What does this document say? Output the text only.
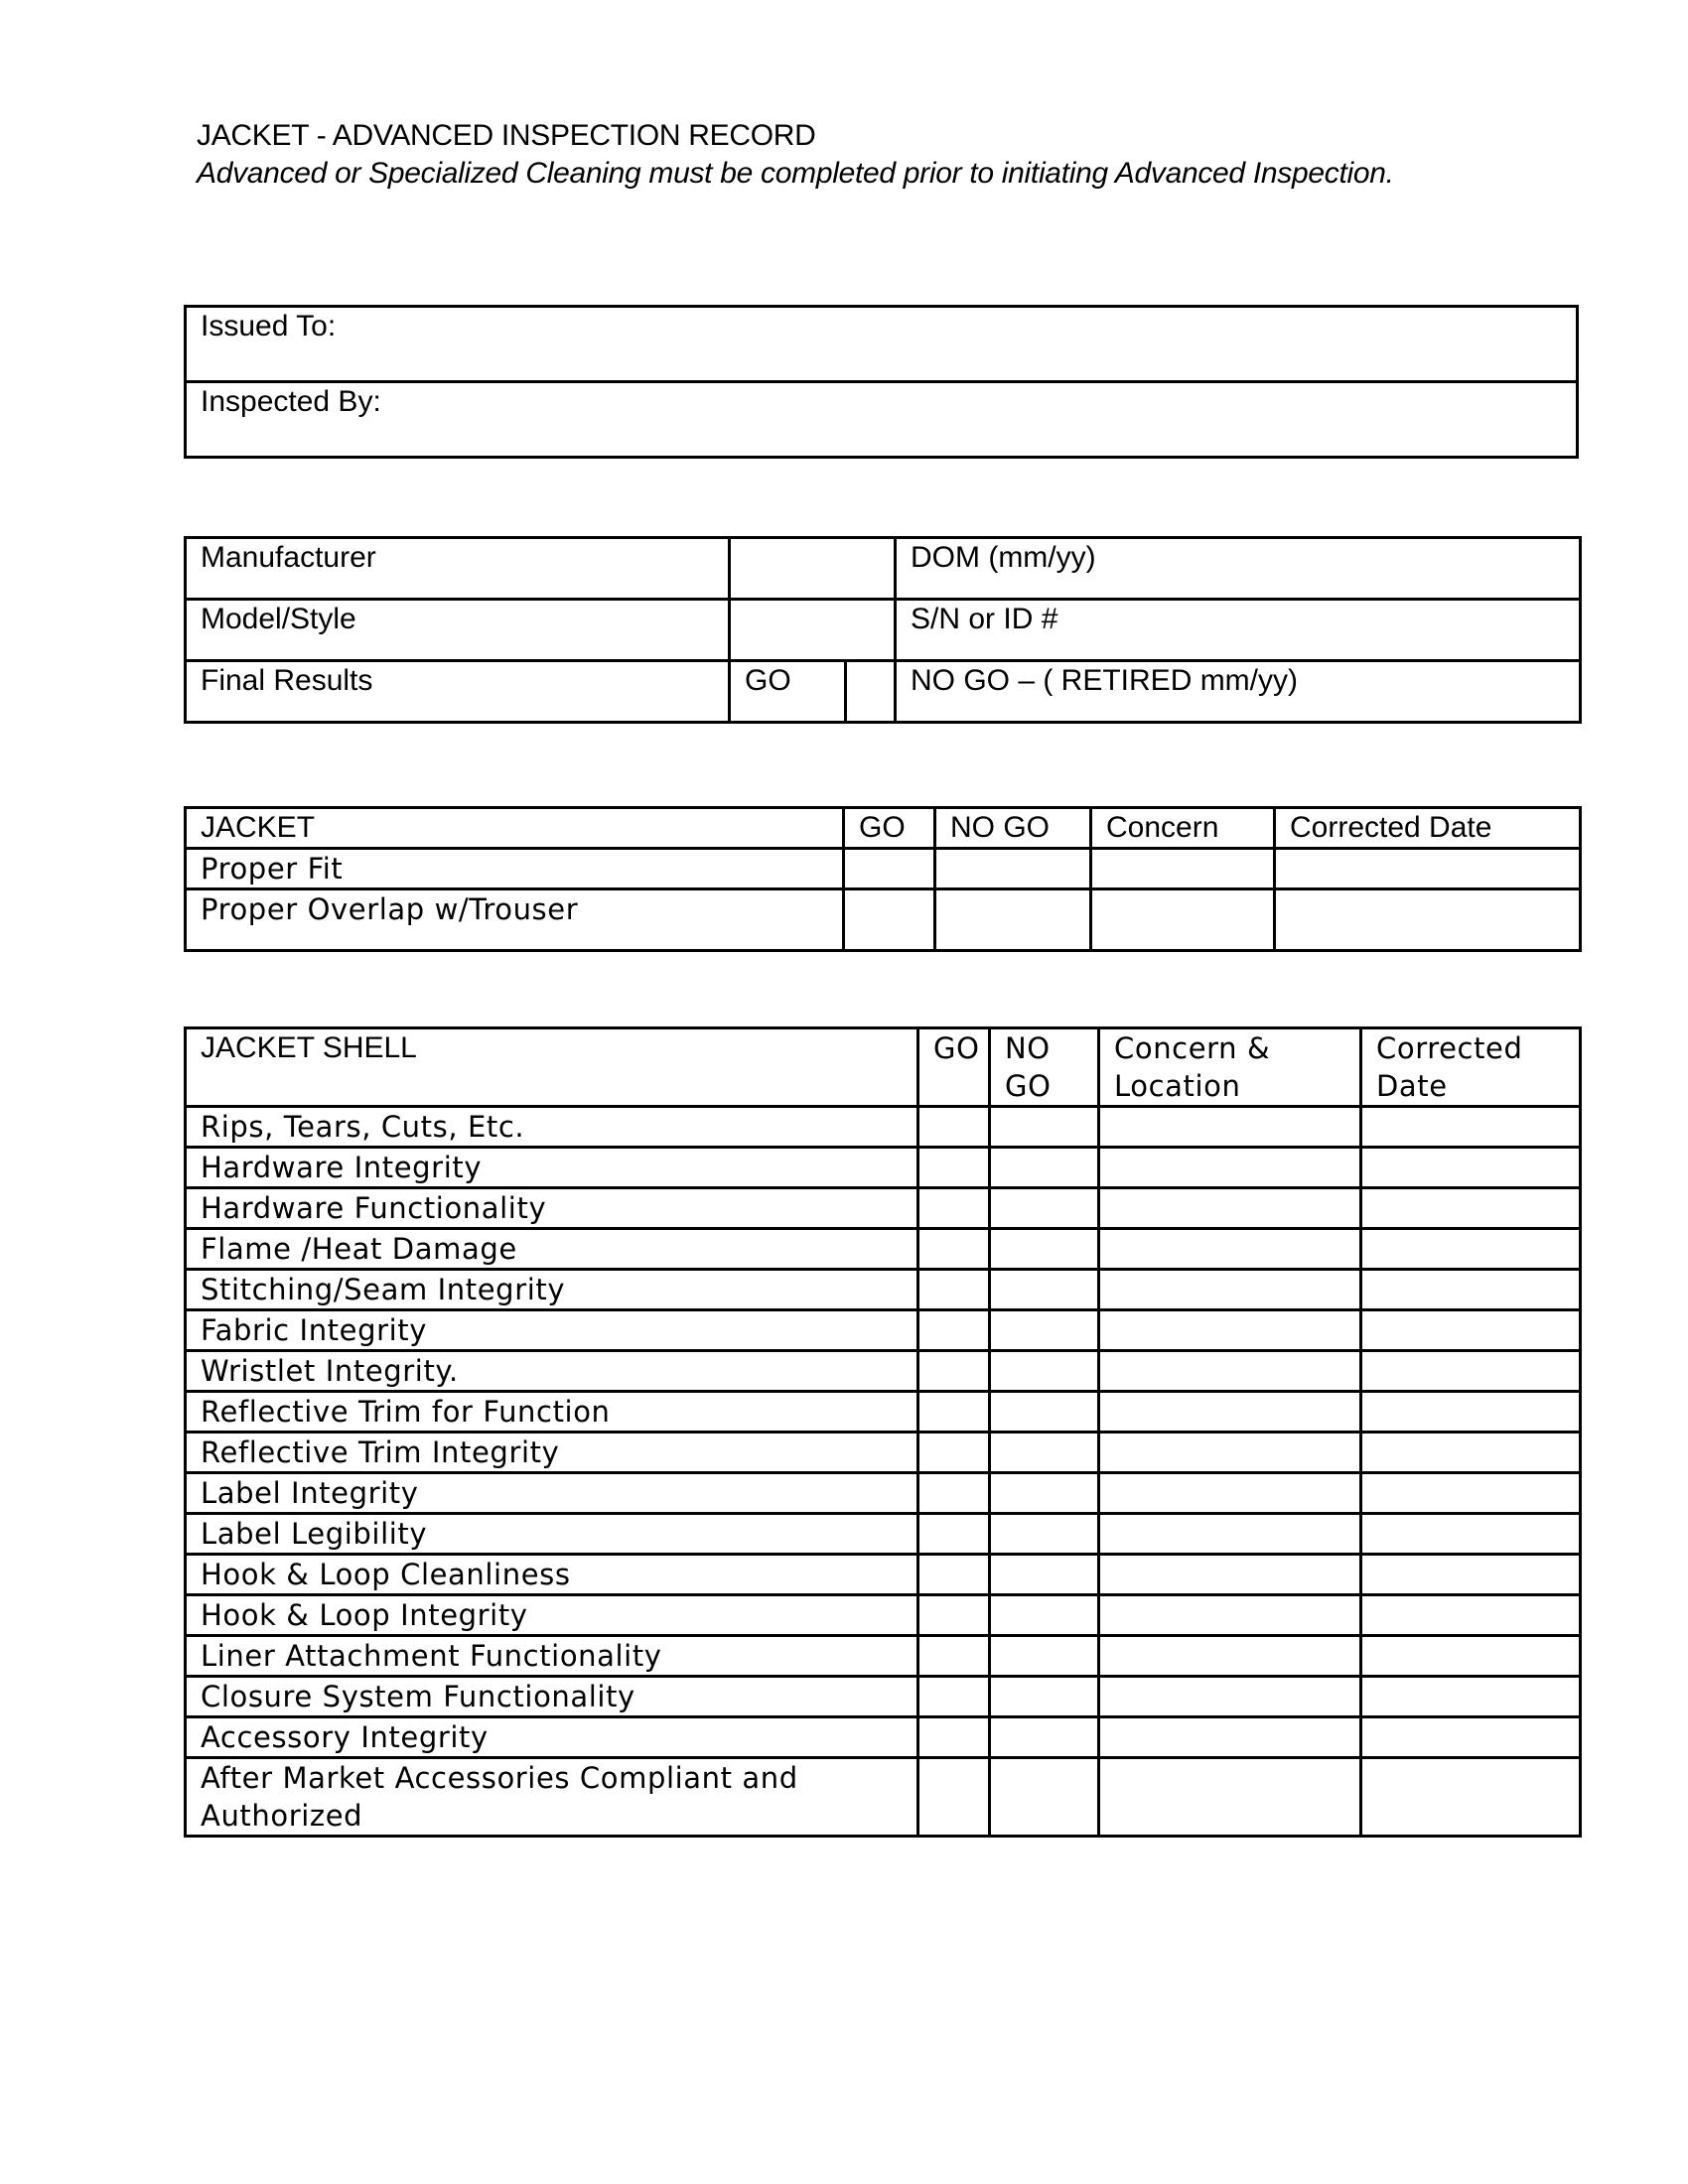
JACKET - ADVANCED INSPECTION RECORD
Advanced or Specialized Cleaning must be completed prior to initiating Advanced Inspection.
Issued To:

Inspected By:
Manufacturer			DOM (mm/yy)
Model/Style			S/N or ID #
Final Results	GO		NO GO – ( RETIRED mm/yy)
JACKET	GO	NO GO	Concern	Corrected Date
Proper Fit				
Proper Overlap w/Trouser				
JACKET SHELL	GO	NO GO	Concern & Location	Corrected Date
Rips, Tears, Cuts, Etc.				
Hardware Integrity				
Hardware Functionality				
Flame /Heat Damage				
Stitching/Seam Integrity				
Fabric Integrity				
Wristlet Integrity.				
Reflective Trim for Function				
Reflective Trim Integrity				
Label Integrity				
Label Legibility				
Hook & Loop Cleanliness				
Hook & Loop Integrity				
Liner Attachment Functionality				
Closure System Functionality				
Accessory Integrity				
After Market Accessories Compliant and Authorized				
